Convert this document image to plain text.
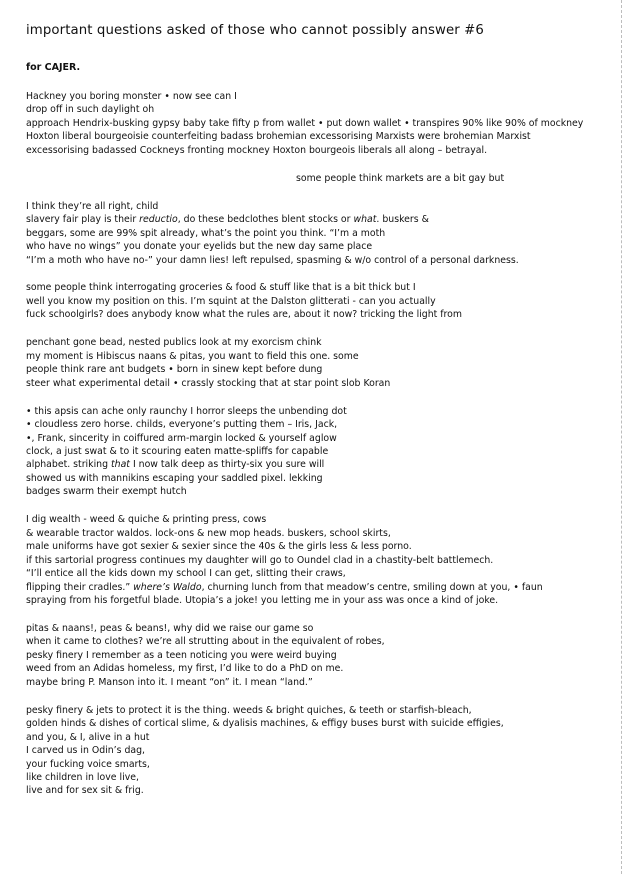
important questions asked of those who cannot possibly answer #6
for CAJER.
Hackney you boring monster • now see can I
drop off in such daylight oh
approach Hendrix-busking gypsy baby take fifty p from wallet • put down wallet • transpires 90% like 90% of mockney
Hoxton liberal bourgeoisie counterfeiting badass brohemian excessorising Marxists were brohemian Marxist
excessorising badassed Cockneys fronting mockney Hoxton bourgeois liberals all along – betrayal.
some people think markets are a bit gay but
I think they’re all right, child
slavery fair play is their reductio, do these bedclothes blent stocks or what. buskers &
beggars, some are 99% spit already, what’s the point you think. “I’m a moth
who have no wings” you donate your eyelids but the new day same place
“I’m a moth who have no-” your damn lies! left repulsed, spasming & w/o control of a personal darkness.
some people think interrogating groceries & food & stuff like that is a bit thick but I
well you know my position on this. I’m squint at the Dalston glitterati - can you actually
fuck schoolgirls? does anybody know what the rules are, about it now? tricking the light from
penchant gone bead, nested publics look at my exorcism chink
my moment is Hibiscus naans & pitas, you want to field this one. some
people think rare ant budgets • born in sinew kept before dung
steer what experimental detail • crassly stocking that at star point slob Koran
• this apsis can ache only raunchy I horror sleeps the unbending dot
• cloudless zero horse. childs, everyone’s putting them – Iris, Jack,
•, Frank, sincerity in coiffured arm-margin locked & yourself aglow
clock, a just swat & to it scouring eaten matte-spliffs for capable
alphabet. striking that I now talk deep as thirty-six you sure will
showed us with mannikins escaping your saddled pixel. lekking
badges swarm their exempt hutch
I dig wealth - weed & quiche & printing press, cows
& wearable tractor waldos. lock-ons & new mop heads. buskers, school skirts,
male uniforms have got sexier & sexier since the 40s & the girls less & less porno.
if this sartorial progress continues my daughter will go to Oundel clad in a chastity-belt battlemech.
“I’ll entice all the kids down my school I can get, slitting their craws,
flipping their cradles.” where’s Waldo, churning lunch from that meadow’s centre, smiling down at you, • faun
spraying from his forgetful blade. Utopia’s a joke! you letting me in your ass was once a kind of joke.
pitas & naans!, peas & beans!, why did we raise our game so
when it came to clothes? we’re all strutting about in the equivalent of robes,
pesky finery I remember as a teen noticing you were weird buying
weed from an Adidas homeless, my first, I’d like to do a PhD on me.
maybe bring P. Manson into it. I meant “on” it. I mean “land.”
pesky finery & jets to protect it is the thing. weeds & bright quiches, & teeth or starfish-bleach,
golden hinds & dishes of cortical slime, & dyalisis machines, & effigy buses burst with suicide effigies,
and you, & I, alive in a hut
I carved us in Odin’s dag,
your fucking voice smarts,
like children in love live,
live and for sex sit & frig.
